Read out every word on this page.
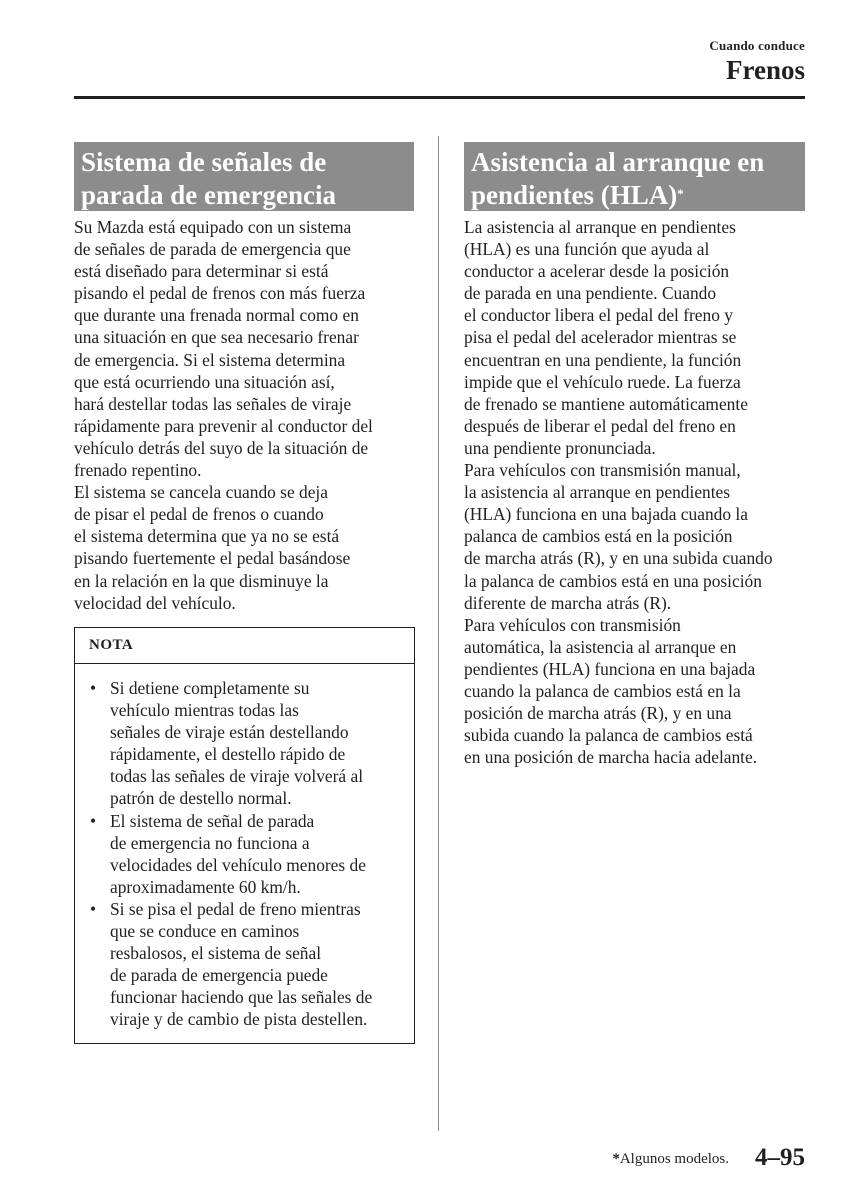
Cuando conduce
Frenos
Sistema de señales de
parada de emergencia
Su Mazda está equipado con un sistema
de señales de parada de emergencia que
está diseñado para determinar si está
pisando el pedal de frenos con más fuerza
que durante una frenada normal como en
una situación en que sea necesario frenar
de emergencia. Si el sistema determina
que está ocurriendo una situación así,
hará destellar todas las señales de viraje
rápidamente para prevenir al conductor del
vehículo detrás del suyo de la situación de
frenado repentino.
El sistema se cancela cuando se deja
de pisar el pedal de frenos o cuando
el sistema determina que ya no se está
pisando fuertemente el pedal basándose
en la relación en la que disminuye la
velocidad del vehículo.
NOTA
• Si detiene completamente su
vehículo mientras todas las
señales de viraje están destellando
rápidamente, el destello rápido de
todas las señales de viraje volverá al
patrón de destello normal.
• El sistema de señal de parada
de emergencia no funciona a
velocidades del vehículo menores de
aproximadamente 60 km/h.
• Si se pisa el pedal de freno mientras
que se conduce en caminos
resbalosos, el sistema de señal
de parada de emergencia puede
funcionar haciendo que las señales de
viraje y de cambio de pista destellen.
Asistencia al arranque en
pendientes (HLA)*
La asistencia al arranque en pendientes
(HLA) es una función que ayuda al
conductor a acelerar desde la posición
de parada en una pendiente. Cuando
el conductor libera el pedal del freno y
pisa el pedal del acelerador mientras se
encuentran en una pendiente, la función
impide que el vehículo ruede. La fuerza
de frenado se mantiene automáticamente
después de liberar el pedal del freno en
una pendiente pronunciada.
Para vehículos con transmisión manual,
la asistencia al arranque en pendientes
(HLA) funciona en una bajada cuando la
palanca de cambios está en la posición
de marcha atrás (R), y en una subida cuando
la palanca de cambios está en una posición
diferente de marcha atrás (R).
Para vehículos con transmisión
automática, la asistencia al arranque en
pendientes (HLA) funciona en una bajada
cuando la palanca de cambios está en la
posición de marcha atrás (R), y en una
subida cuando la palanca de cambios está
en una posición de marcha hacia adelante.
*Algunos modelos. 4–95
